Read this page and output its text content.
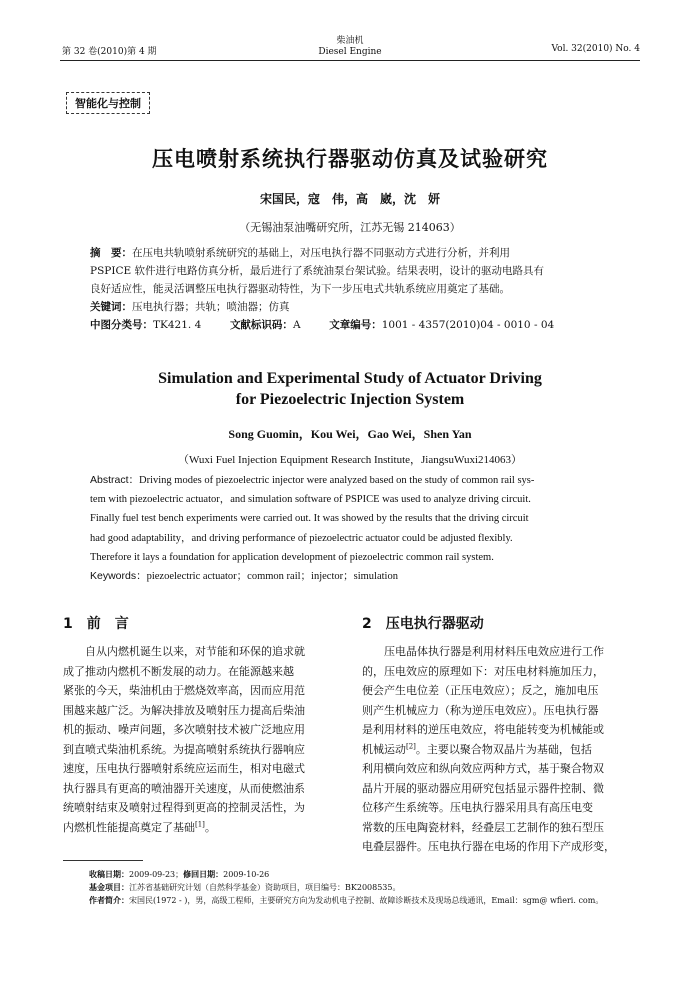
第 32 卷(2010)第 4 期
柴油机
Diesel Engine	Vol. 32(2010) No. 4
智能化与控制
压电喷射系统执行器驱动仿真及试验研究
宋国民，寇　伟，高　崴，沈　妍
（无锡油泵油嘴研究所，江苏无锡 214063）
摘　要：在压电共轨喷射系统研究的基础上，对压电执行器不同驱动方式进行分析，并利用
PSPICE 软件进行电路仿真分析，最后进行了系统油泵台架试验。结果表明，设计的驱动电路具有
良好适应性，能灵活调整压电执行器驱动特性，为下一步压电式共轨系统应用奠定了基础。
关键词：压电执行器；共轨；喷油器；仿真
中图分类号：TK421. 4	文献标识码：A	文章编号：1001 - 4357(2010)04 - 0010 - 04
Simulation and Experimental Study of Actuator Driving
for Piezoelectric Injection System
Song Guomin，Kou Wei，Gao Wei，Shen Yan
（Wuxi Fuel Injection Equipment Research Institute，JiangsuWuxi214063）
Abstract：Driving modes of piezoelectric injector were analyzed based on the study of common rail sys-
tem with piezoelectric actuator，and simulation software of PSPICE was used to analyze driving circuit.
Finally fuel test bench experiments were carried out. It was showed by the results that the driving circuit
had good adaptability，and driving performance of piezoelectric actuator could be adjusted flexibly.
Therefore it lays a foundation for application development of piezoelectric common rail system.
Keywords：piezoelectric actuator；common rail；injector；simulation
1 前　言
自从内燃机诞生以来，对节能和环保的追求就
成了推动内燃机不断发展的动力。在能源越来越
紧张的今天，柴油机由于燃烧效率高，因而应用范
围越来越广泛。为解决排放及喷射压力提高后柴油
机的振动、噪声问题，多次喷射技术被广泛地应用
到直喷式柴油机系统。为提高喷射系统执行器响应
速度，压电执行器喷射系统应运而生，相对电磁式
执行器具有更高的喷油器开关速度，从而使燃油系
统喷射结束及喷射过程得到更高的控制灵活性，为
内燃机性能提高奠定了基础[1]。
2 压电执行器驱动
压电晶体执行器是利用材料压电效应进行工作
的，压电效应的原理如下：对压电材料施加压力，
便会产生电位差（正压电效应）；反之，施加电压
则产生机械应力（称为逆压电效应）。压电执行器
是利用材料的逆压电效应，将电能转变为机械能或
机械运动[2]。主要以聚合物双晶片为基础，包括
利用横向效应和纵向效应两种方式，基于聚合物双
晶片开展的驱动器应用研究包括显示器件控制、微
位移产生系统等。压电执行器采用具有高压电变
常数的压电陶瓷材料，经叠层工艺制作的独石型压
电叠层器件。压电执行器在电场的作用下产成形变，
收稿日期：2009-09-23；修回日期：2009-10-26
基金项目：江苏省基础研究计划（自然科学基金）资助项目，项目编号：BK2008535。
作者简介：宋国民(1972 - )，男，高级工程师，主要研究方向为发动机电子控制、故障诊断技术及现场总线通讯，Email：sgm@ wfieri. com。
